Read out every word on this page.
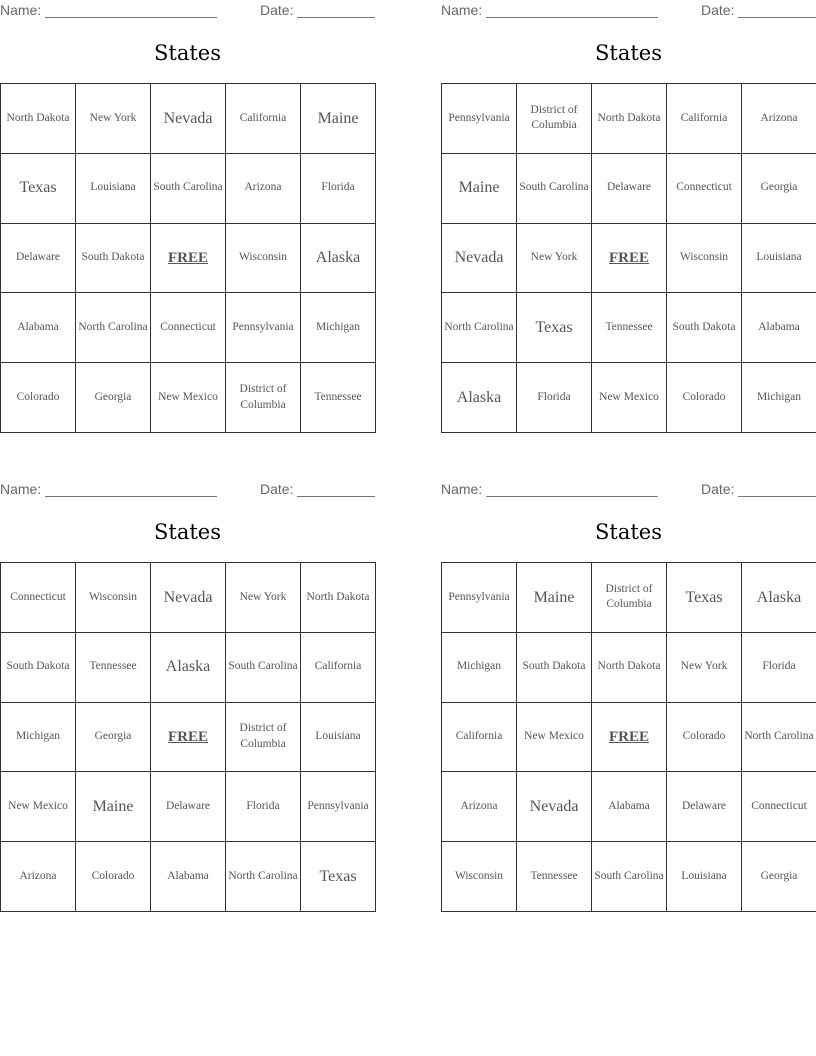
Name:	Date:
States
North Dakota	New York	Nevada	California	Maine
Texas	Louisiana	South Carolina	Arizona	Florida
Delaware	South Dakota	FREE	Wisconsin	Alaska
Alabama	North Carolina	Connecticut	Pennsylvania	Michigan
Colorado	Georgia	New Mexico	District of Columbia	Tennessee
Name:	Date:
States
Pennsylvania	District of Columbia	North Dakota	California	Arizona
Maine	South Carolina	Delaware	Connecticut	Georgia
Nevada	New York	FREE	Wisconsin	Louisiana
North Carolina	Texas	Tennessee	South Dakota	Alabama
Alaska	Florida	New Mexico	Colorado	Michigan
Name:	Date:
States
Connecticut	Wisconsin	Nevada	New York	North Dakota
South Dakota	Tennessee	Alaska	South Carolina	California
Michigan	Georgia	FREE	District of Columbia	Louisiana
New Mexico	Maine	Delaware	Florida	Pennsylvania
Arizona	Colorado	Alabama	North Carolina	Texas
Name:	Date:
States
Pennsylvania	Maine	District of Columbia	Texas	Alaska
Michigan	South Dakota	North Dakota	New York	Florida
California	New Mexico	FREE	Colorado	North Carolina
Arizona	Nevada	Alabama	Delaware	Connecticut
Wisconsin	Tennessee	South Carolina	Louisiana	Georgia
